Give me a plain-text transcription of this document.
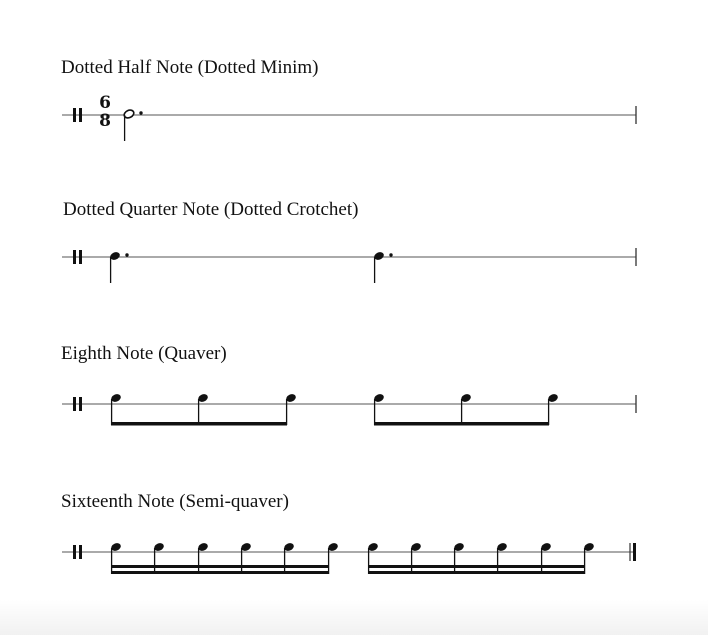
Dotted Half Note (Dotted Minim)
Dotted Quarter Note (Dotted Crotchet)
Eighth Note (Quaver)
Sixteenth Note (Semi-quaver)
6
8
